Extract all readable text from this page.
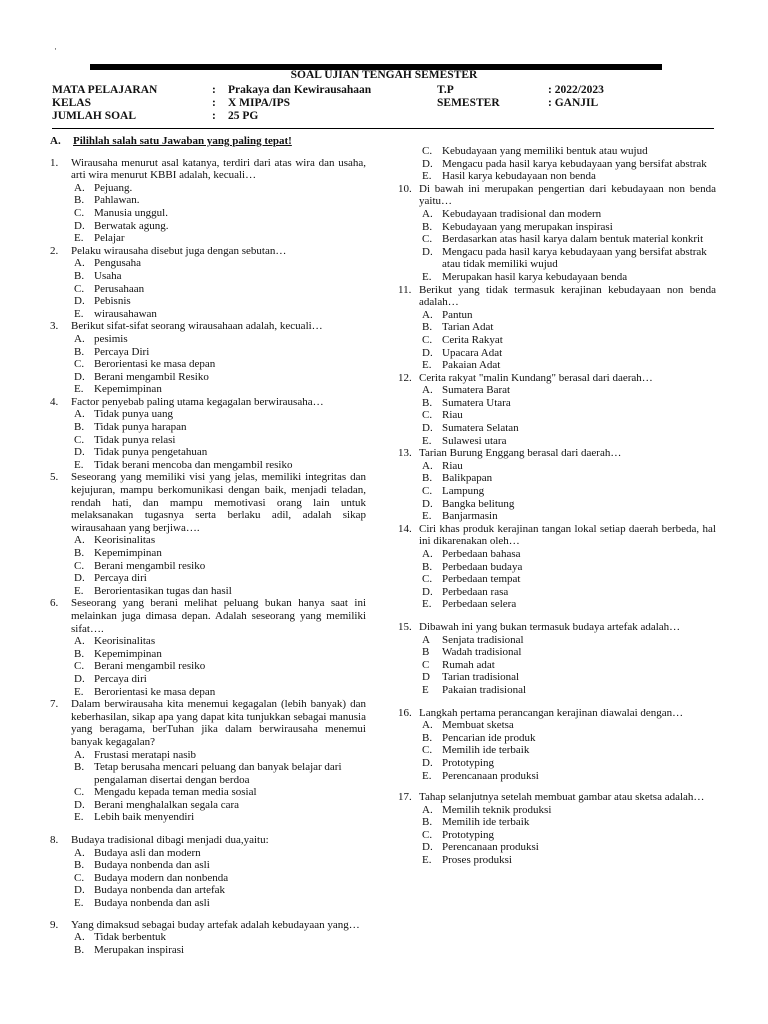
·
SOAL UJIAN TENGAH SEMESTER
MATA PELAJARAN	: Prakaya dan Kewirausahaan	T.P	: 2022/2023
KELAS	: X MIPA/IPS	SEMESTER	: GANJIL
JUMLAH SOAL	: 25 PG
A. Pilihlah salah satu Jawaban yang paling tepat!
1. Wirausaha menurut asal katanya, terdiri dari atas wira dan usaha, arti wira menurut KBBI adalah, kecuali…
A. Pejuang.
B. Pahlawan.
C. Manusia unggul.
D. Berwatak agung.
E. Pelajar
2. Pelaku wirausaha disebut juga dengan sebutan…
A. Pengusaha
B. Usaha
C. Perusahaan
D. Pebisnis
E. wirausahawan
3. Berikut sifat-sifat seorang wirausahaan adalah, kecuali…
A. pesimis
B. Percaya Diri
C. Berorientasi ke masa depan
D. Berani mengambil Resiko
E. Kepemimpinan
4. Factor penyebab paling utama kegagalan berwirausaha…
A. Tidak punya uang
B. Tidak punya harapan
C. Tidak punya relasi
D. Tidak punya pengetahuan
E. Tidak berani mencoba dan mengambil resiko
5. Seseorang yang memiliki visi yang jelas, memiliki integritas dan kejujuran, mampu berkomunikasi dengan baik, menjadi teladan, rendah hati, dan mampu memotivasi orang lain untuk melaksanakan tugasnya serta berlaku adil, adalah sikap wirausahaan yang berjiwa….
A. Keorisinalitas
B. Kepemimpinan
C. Berani mengambil resiko
D. Percaya diri
E. Berorientasikan tugas dan hasil
6. Seseorang yang berani melihat peluang bukan hanya saat ini melainkan juga dimasa depan. Adalah seseorang yang memiliki sifat….
A. Keorisinalitas
B. Kepemimpinan
C. Berani mengambil resiko
D. Percaya diri
E. Berorientasi ke masa depan
7. Dalam berwirausaha kita menemui kegagalan (lebih banyak) dan keberhasilan, sikap apa yang dapat kita tunjukkan sebagai manusia yang beragama, berTuhan jika dalam berwirausaha menemui banyak kegagalan?
A. Frustasi meratapi nasib
B. Tetap berusaha mencari peluang dan banyak belajar dari pengalaman disertai dengan berdoa
C. Mengadu kepada teman media sosial
D. Berani menghalalkan segala cara
E. Lebih baik menyendiri
8. Budaya tradisional dibagi menjadi dua,yaitu:
A. Budaya asli dan modern
B. Budaya nonbenda dan asli
C. Budaya modern dan nonbenda
D. Budaya nonbenda dan artefak
E. Budaya nonbenda dan asli
9. Yang dimaksud sebagai buday artefak adalah kebudayaan yang…
A. Tidak berbentuk
B. Merupakan inspirasi
C. Kebudayaan yang memiliki bentuk atau wujud
D. Mengacu pada hasil karya kebudayaan yang bersifat abstrak
E. Hasil karya kebudayaan non benda
10. Di bawah ini merupakan pengertian dari kebudayaan non benda yaitu…
A. Kebudayaan tradisional dan modern
B. Kebudayaan yang merupakan inspirasi
C. Berdasarkan atas hasil karya dalam bentuk material konkrit
D. Mengacu pada hasil karya kebudayaan yang bersifat abstrak atau tidak memiliki wujud
E. Merupakan hasil karya kebudayaan benda
11. Berikut yang tidak termasuk kerajinan kebudayaan non benda adalah…
A. Pantun
B. Tarian Adat
C. Cerita Rakyat
D. Upacara Adat
E. Pakaian Adat
12. Cerita rakyat "malin Kundang" berasal dari daerah…
A. Sumatera Barat
B. Sumatera Utara
C. Riau
D. Sumatera Selatan
E. Sulawesi utara
13. Tarian Burung Enggang berasal dari daerah…
A. Riau
B. Balikpapan
C. Lampung
D. Bangka belitung
E. Banjarmasin
14. Ciri khas produk kerajinan tangan lokal setiap daerah berbeda, hal ini dikarenakan oleh…
A. Perbedaan bahasa
B. Perbedaan budaya
C. Perbedaan tempat
D. Perbedaan rasa
E. Perbedaan selera
15. Dibawah ini yang bukan termasuk budaya artefak adalah…
A Senjata tradisional
B Wadah tradisional
C Rumah adat
D Tarian tradisional
E Pakaian tradisional
16. Langkah pertama perancangan kerajinan diawalai dengan…
A. Membuat sketsa
B. Pencarian ide produk
C. Memilih ide terbaik
D. Prototyping
E. Perencanaan produksi
17. Tahap selanjutnya setelah membuat gambar atau sketsa adalah…
A. Memilih teknik produksi
B. Memilih ide terbaik
C. Prototyping
D. Perencanaan produksi
E. Proses produksi
